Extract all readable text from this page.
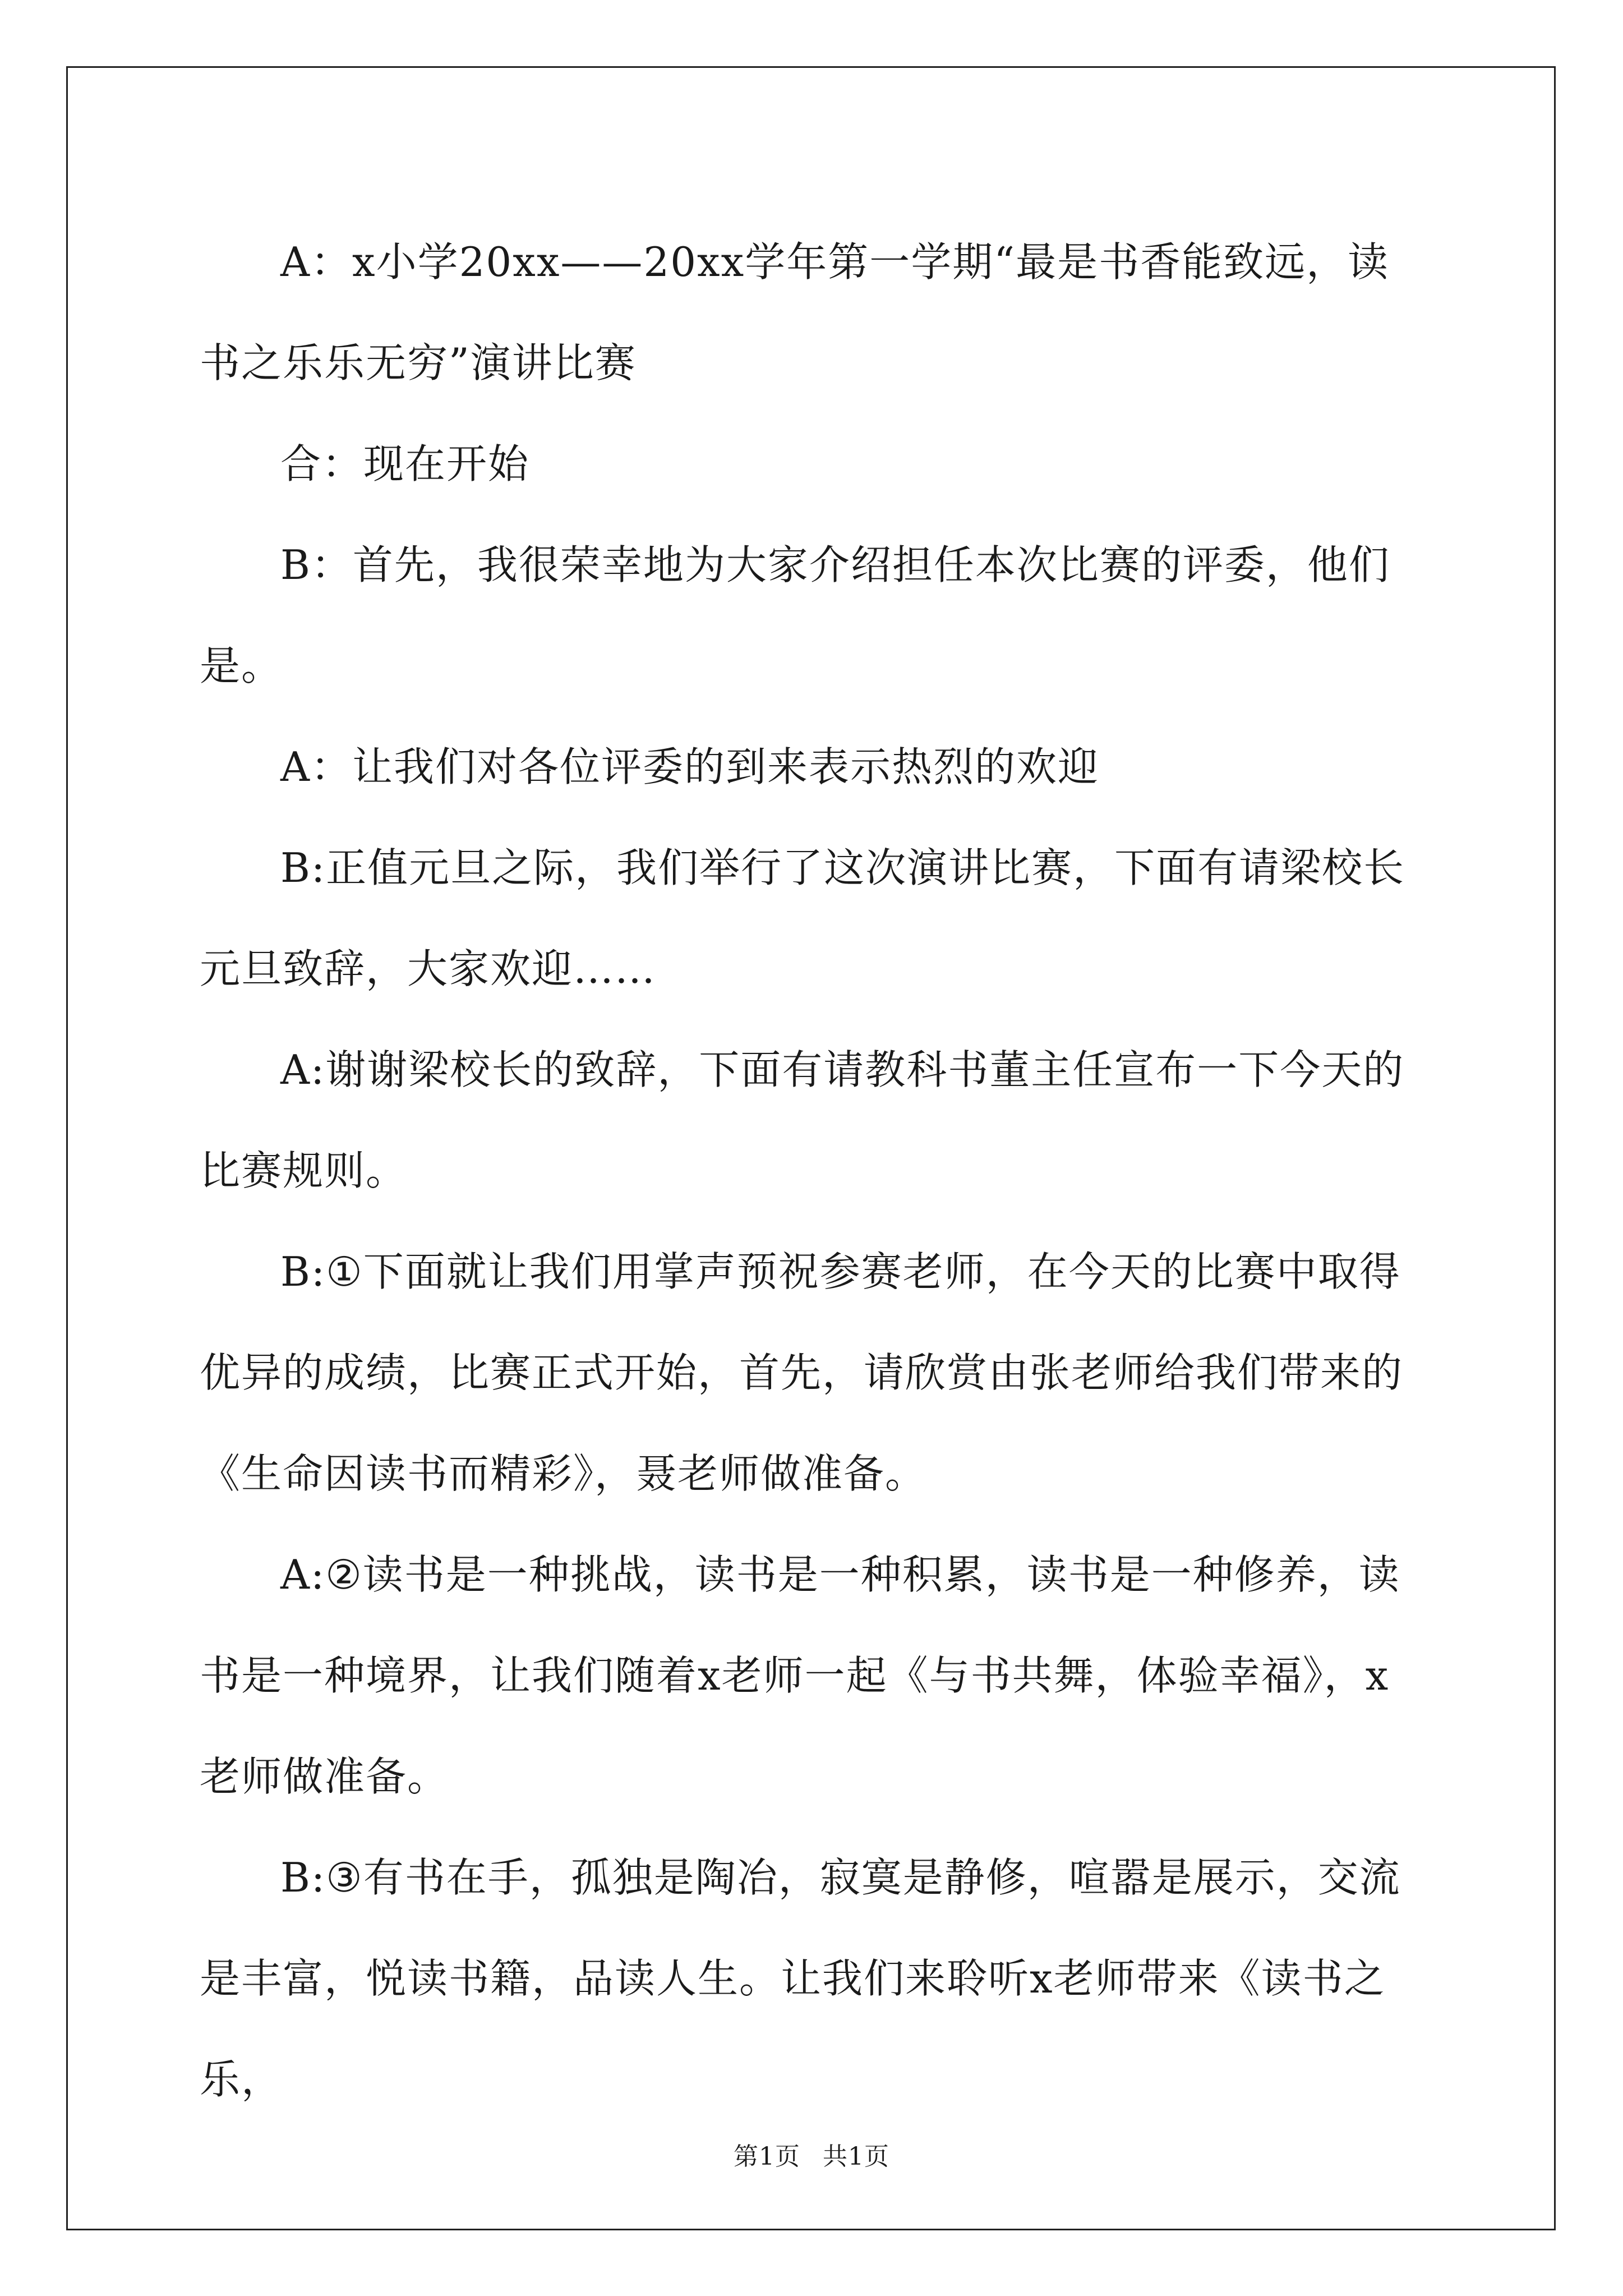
A：x小学20xx——20xx学年第一学期“最是书香能致远，读书之乐乐无穷”演讲比赛

合：现在开始

B：首先，我很荣幸地为大家介绍担任本次比赛的评委，他们是。

A：让我们对各位评委的到来表示热烈的欢迎

B:正值元旦之际，我们举行了这次演讲比赛，下面有请梁校长元旦致辞，大家欢迎……

A:谢谢梁校长的致辞，下面有请教科书董主任宣布一下今天的比赛规则。

B:①下面就让我们用掌声预祝参赛老师，在今天的比赛中取得优异的成绩，比赛正式开始，首先，请欣赏由张老师给我们带来的《生命因读书而精彩》，聂老师做准备。

A:②读书是一种挑战，读书是一种积累，读书是一种修养，读书是一种境界，让我们随着x老师一起《与书共舞，体验幸福》，x老师做准备。

B:③有书在手，孤独是陶冶，寂寞是静修，喧嚣是展示，交流是丰富，悦读书籍，品读人生。让我们来聆听x老师带来《读书之乐，

第1页 共1页
